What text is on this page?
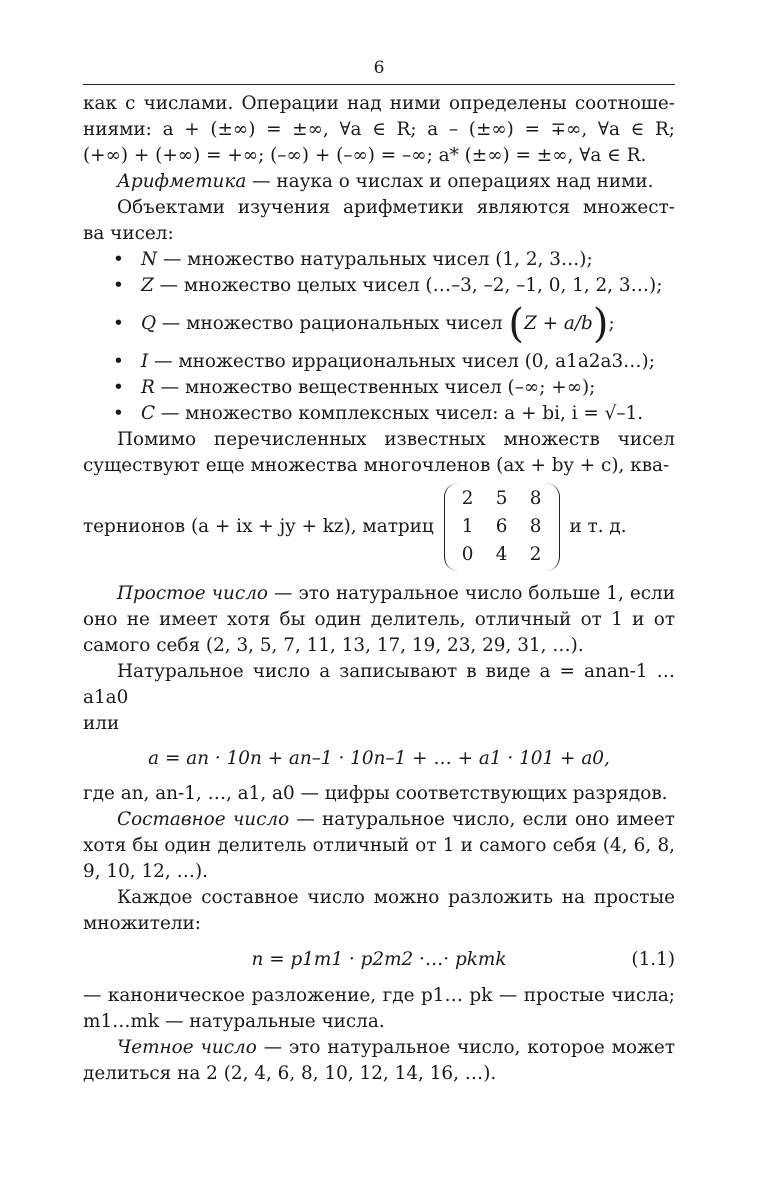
6

как с числами. Операции над ними определены соотноше-

ниями: a + (±∞) = ±∞, ∀a ∈ R; a – (±∞) = ∓∞, ∀a ∈ R;

(+∞) + (+∞) = +∞; (–∞) + (–∞) = –∞; a* (±∞) = ±∞, ∀a ∈ R.

Арифметика — наука о числах и операциях над ними.

Объектами изучения арифметики являются множест-

ва чисел:

• N — множество натуральных чисел (1, 2, 3…);
• Z — множество целых чисел (…–3, –2, –1, 0, 1, 2, 3…);
• Q — множество рациональных чисел (Z + a/b);
• I — множество иррациональных чисел (0, a1a2a3…);
• R — множество вещественных чисел (–∞; +∞);
• C — множество комплексных чисел: a + bi, i = √–1.

Помимо перечисленных известных множеств чисел

существуют еще множества многочленов (ax + by + c), ква-

тернионов (a + ix + jy + kz), матриц
2	5	8
1	6	8
0	4	2
и т. д.

Простое число — это натуральное число больше 1, если оно не имеет хотя бы один делитель, отличный от 1 и от самого себя (2, 3, 5, 7, 11, 13, 17, 19, 23, 29, 31, …).

Натуральное число a записывают в виде a = anan-1 … a1a0

или

a = an · 10n + an–1 · 10n–1 + … + a1 · 101 + a0,

где an, an-1, …, a1, a0 — цифры соответствующих разрядов.

Составное число — натуральное число, если оно имеет хотя бы один делитель отличный от 1 и самого себя (4, 6, 8, 9, 10, 12, …).

Каждое составное число можно разложить на простые множители:

n = p1m1 · p2m2 ·…· pkmk	(1.1)

— каноническое разложение, где p1… pk — простые числа;

m1…mk — натуральные числа.

Четное число — это натуральное число, которое может делиться на 2 (2, 4, 6, 8, 10, 12, 14, 16, …).
